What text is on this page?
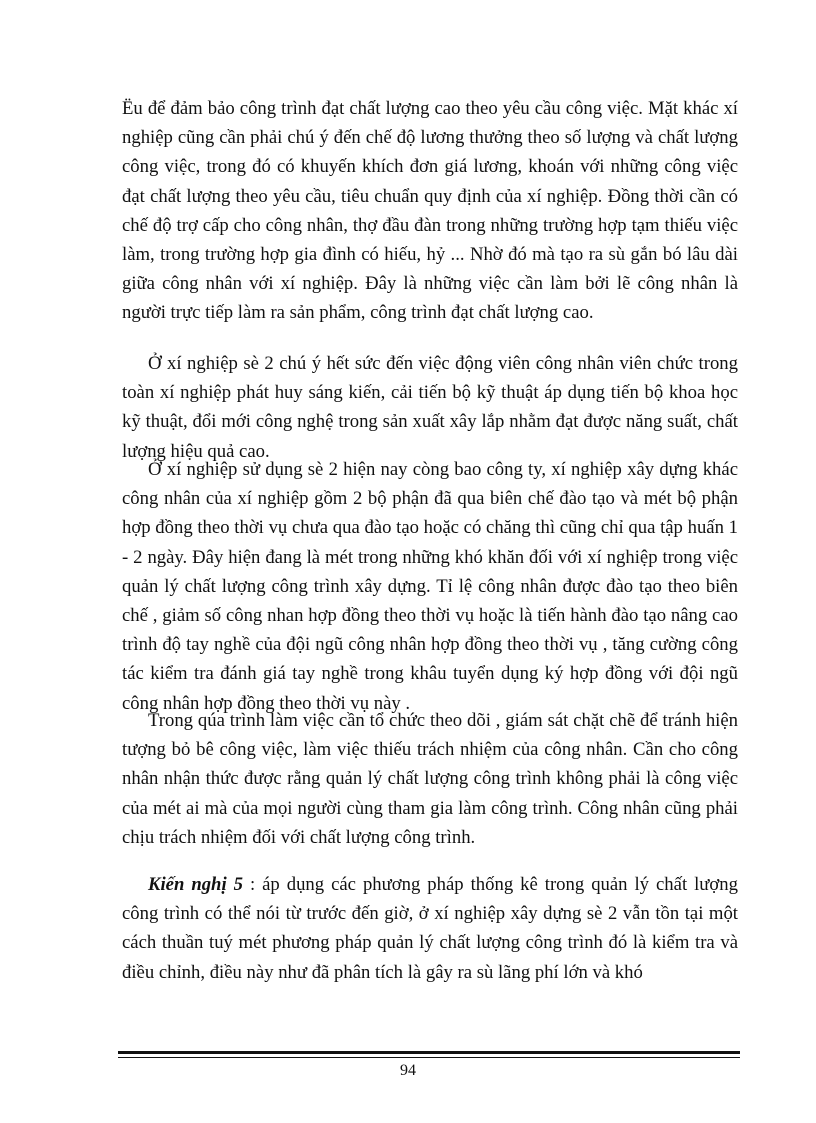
Ëu để đảm bảo công trình đạt chất lượng cao theo yêu cầu công việc. Mặt khác xí nghiệp cũng cần phải chú ý đến chế độ lương thưởng theo số lượng và chất lượng công việc, trong đó có khuyến khích đơn giá lương, khoán với những công việc đạt chất lượng theo yêu cầu, tiêu chuẩn quy định của xí nghiệp. Đồng thời cần có chế độ trợ cấp cho công nhân, thợ đầu đàn trong những trường hợp tạm thiếu việc làm, trong trường hợp gia đình có hiếu, hỷ ... Nhờ đó mà tạo ra sù gắn bó lâu dài giữa công nhân với xí nghiệp. Đây là những việc cần làm bởi lẽ công nhân là người trực tiếp làm ra sản phẩm, công trình đạt chất lượng cao.

Ở xí nghiệp sè 2 chú ý hết sức đến việc động viên công nhân viên chức trong toàn xí nghiệp phát huy sáng kiến, cải tiến bộ kỹ thuật áp dụng tiến bộ khoa học kỹ thuật, đổi mới công nghệ trong sản xuất xây lắp nhằm đạt được năng suất, chất lượng hiệu quả cao.

Ở xí nghiệp sử dụng sè 2 hiện nay còng bao công ty, xí nghiệp xây dựng khác công nhân của xí nghiệp gồm 2 bộ phận đã qua biên chế đào tạo và mét bộ phận hợp đồng theo thời vụ chưa qua đào tạo hoặc có chăng thì cũng chỉ qua tập huấn 1 - 2 ngày. Đây hiện đang là mét trong những khó khăn đối với xí nghiệp trong việc quản lý chất lượng công trình xây dựng. Tỉ lệ công nhân được đào tạo theo biên chế , giảm số công nhan hợp đồng theo thời vụ hoặc là tiến hành đào tạo nâng cao trình độ tay nghề của đội ngũ công nhân hợp đồng theo thời vụ , tăng cường công tác kiểm tra đánh giá tay nghề trong khâu tuyển dụng ký hợp đồng với đội ngũ công nhân hợp đồng theo thời vụ này .

Trong qúa trình làm việc cần tổ chức theo dõi , giám sát chặt chẽ để tránh hiện tượng bỏ bê công việc, làm việc thiếu trách nhiệm của công nhân. Cần cho công nhân nhận thức được rằng quản lý chất lượng công trình không phải là công việc của mét ai mà của mọi người cùng tham gia làm công trình. Công nhân cũng phải chịu trách nhiệm đối với chất lượng công trình.

Kiến nghị 5 : áp dụng các phương pháp thống kê trong quản lý chất lượng công trình có thể nói từ trước đến giờ, ở xí nghiệp xây dựng sè 2 vẫn tồn tại một cách thuần tuý mét phương pháp quản lý chất lượng công trình đó là kiểm tra và điều chỉnh, điều này như đã phân tích là gây ra sù lãng phí lớn và khó

94
